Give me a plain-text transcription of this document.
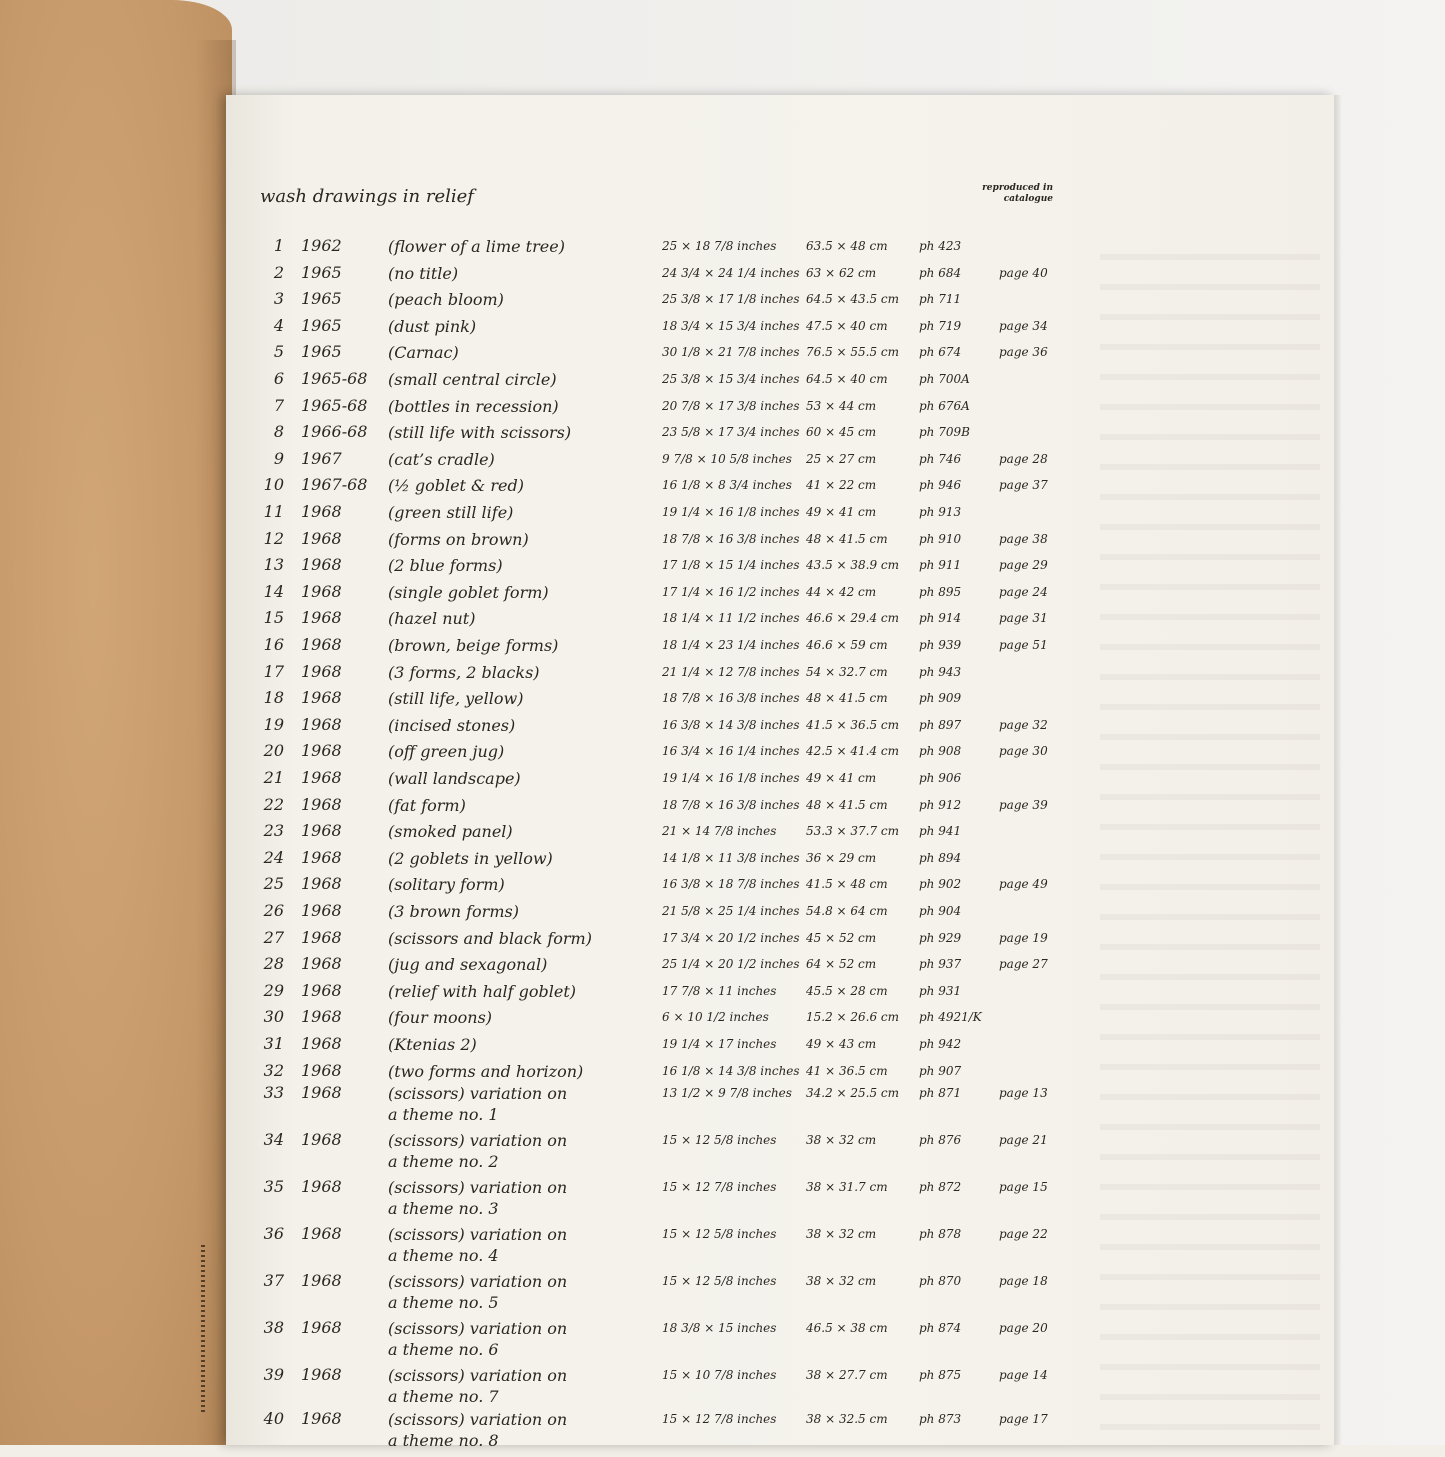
wash drawings in relief	reproduced in catalogue
1 1962	(flower of a lime tree)	25 × 18 7/8 inches 63.5 × 48 cm	ph 423
2 1965	(no title)	24 3/4 × 24 1/4 inches 63 × 62 cm	ph 684	page 40
3 1965	(peach bloom)	25 3/8 × 17 1/8 inches 64.5 × 43.5 cm ph 711
4 1965	(dust pink)	18 3/4 × 15 3/4 inches 47.5 × 40 cm	ph 719	page 34
5 1965	(Carnac)	30 1/8 × 21 7/8 inches 76.5 × 55.5 cm ph 674	page 36
6 1965-68 (small central circle)	25 3/8 × 15 3/4 inches 64.5 × 40 cm	ph 700A
7 1965-68 (bottles in recession)	20 7/8 × 17 3/8 inches 53 × 44 cm	ph 676A
8 1966-68 (still life with scissors)	23 5/8 × 17 3/4 inches 60 × 45 cm	ph 709B
9 1967	(cat’s cradle)	9 7/8 × 10 5/8 inches 25 × 27 cm	ph 746	page 28
10 1967-68 (½ goblet & red)	16 1/8 × 8 3/4 inches 41 × 22 cm	ph 946	page 37
11 1968	(green still life)	19 1/4 × 16 1/8 inches 49 × 41 cm	ph 913
12 1968	(forms on brown)	18 7/8 × 16 3/8 inches 48 × 41.5 cm	ph 910	page 38
13 1968	(2 blue forms)	17 1/8 × 15 1/4 inches 43.5 × 38.9 cm ph 911	page 29
14 1968	(single goblet form)	17 1/4 × 16 1/2 inches 44 × 42 cm	ph 895	page 24
15 1968	(hazel nut)	18 1/4 × 11 1/2 inches 46.6 × 29.4 cm ph 914	page 31
16 1968	(brown, beige forms)	18 1/4 × 23 1/4 inches 46.6 × 59 cm	ph 939	page 51
17 1968	(3 forms, 2 blacks)	21 1/4 × 12 7/8 inches 54 × 32.7 cm	ph 943
18 1968	(still life, yellow)	18 7/8 × 16 3/8 inches 48 × 41.5 cm	ph 909
19 1968	(incised stones)	16 3/8 × 14 3/8 inches 41.5 × 36.5 cm ph 897	page 32
20 1968	(off green jug)	16 3/4 × 16 1/4 inches 42.5 × 41.4 cm ph 908	page 30
21 1968	(wall landscape)	19 1/4 × 16 1/8 inches 49 × 41 cm	ph 906
22 1968	(fat form)	18 7/8 × 16 3/8 inches 48 × 41.5 cm	ph 912	page 39
23 1968	(smoked panel)	21 × 14 7/8 inches 53.3 × 37.7 cm ph 941
24 1968	(2 goblets in yellow)	14 1/8 × 11 3/8 inches 36 × 29 cm	ph 894
25 1968	(solitary form)	16 3/8 × 18 7/8 inches 41.5 × 48 cm	ph 902	page 49
26 1968	(3 brown forms)	21 5/8 × 25 1/4 inches 54.8 × 64 cm	ph 904
27 1968	(scissors and black form)	17 3/4 × 20 1/2 inches 45 × 52 cm	ph 929	page 19
28 1968	(jug and sexagonal)	25 1/4 × 20 1/2 inches 64 × 52 cm	ph 937	page 27
29 1968	(relief with half goblet)	17 7/8 × 11 inches 45.5 × 28 cm	ph 931
30 1968	(four moons)	6 × 10 1/2 inches	15.2 × 26.6 cm ph 4921/K
31 1968	(Ktenias 2)	19 1/4 × 17 inches 49 × 43 cm	ph 942
32 1968	(two forms and horizon)	16 1/8 × 14 3/8 inches 41 × 36.5 cm	ph 907
33 1968	(scissors) variation on
a theme no. 1
13 1/2 × 9 7/8 inches 34.2 × 25.5 cm ph 871	page 13
34 1968	(scissors) variation on
a theme no. 2
15 × 12 5/8 inches 38 × 32 cm	ph 876	page 21
35 1968	(scissors) variation on
a theme no. 3
15 × 12 7/8 inches 38 × 31.7 cm	ph 872	page 15
36 1968	(scissors) variation on
a theme no. 4
15 × 12 5/8 inches 38 × 32 cm	ph 878	page 22
37 1968	(scissors) variation on
a theme no. 5
15 × 12 5/8 inches 38 × 32 cm	ph 870	page 18
38 1968	(scissors) variation on
a theme no. 6
18 3/8 × 15 inches 46.5 × 38 cm	ph 874	page 20
39 1968	(scissors) variation on
a theme no. 7
15 × 10 7/8 inches 38 × 27.7 cm	ph 875	page 14
40 1968	(scissors) variation on
a theme no. 8
15 × 12 7/8 inches 38 × 32.5 cm	ph 873	page 17
